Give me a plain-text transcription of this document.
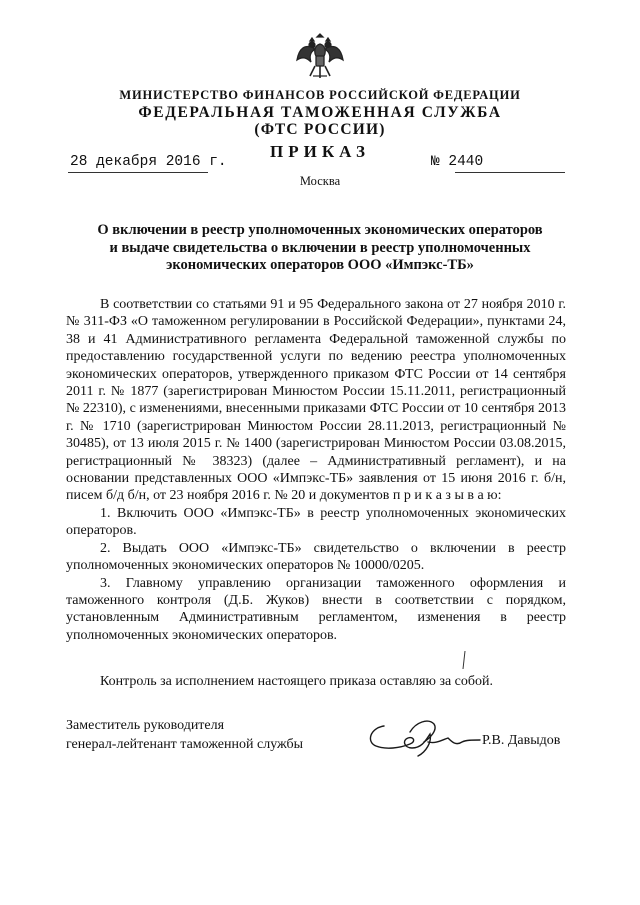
МИНИСТЕРСТВО ФИНАНСОВ РОССИЙСКОЙ ФЕДЕРАЦИИ
ФЕДЕРАЛЬНАЯ ТАМОЖЕННАЯ СЛУЖБА
(ФТС РОССИИ)
ПРИКАЗ
28 декабря 2016 г.	№ 2440
Москва
О включении в реестр уполномоченных экономических операторов
и выдаче свидетельства о включении в реестр уполномоченных
экономических операторов ООО «Импэкс-ТБ»

В соответствии со статьями 91 и 95 Федерального закона от 27 ноября 2010 г. № 311-ФЗ «О таможенном регулировании в Российской Федерации», пунктами 24, 38 и 41 Административного регламента Федеральной таможенной службы по предоставлению государственной услуги по ведению реестра уполномоченных экономических операторов, утвержденного приказом ФТС России от 14 сентября 2011 г. № 1877 (зарегистрирован Минюстом России 15.11.2011, регистрационный № 22310), с изменениями, внесенными приказами ФТС России от 10 сентября 2013 г. № 1710 (зарегистрирован Минюстом России 28.11.2013, регистрационный № 30485), от 13 июля 2015 г. № 1400 (зарегистрирован Минюстом России 03.08.2015, регистрационный № 38323) (далее – Административный регламент), и на основании представленных ООО «Импэкс-ТБ» заявления от 15 июня 2016 г. б/н, писем б/д б/н, от 23 ноября 2016 г. № 20 и документов п р и к а з ы в а ю:

1. Включить ООО «Импэкс-ТБ» в реестр уполномоченных экономических операторов.

2. Выдать ООО «Импэкс-ТБ» свидетельство о включении в реестр уполномоченных экономических операторов № 10000/0205.

3. Главному управлению организации таможенного оформления и таможенного контроля (Д.Б. Жуков) внести в соответствии с порядком, установленным Административным регламентом, изменения в реестр уполномоченных экономических операторов.

Контроль за исполнением настоящего приказа оставляю за собой.

Заместитель руководителя
генерал-лейтенант таможенной службы	Р.В. Давыдов
